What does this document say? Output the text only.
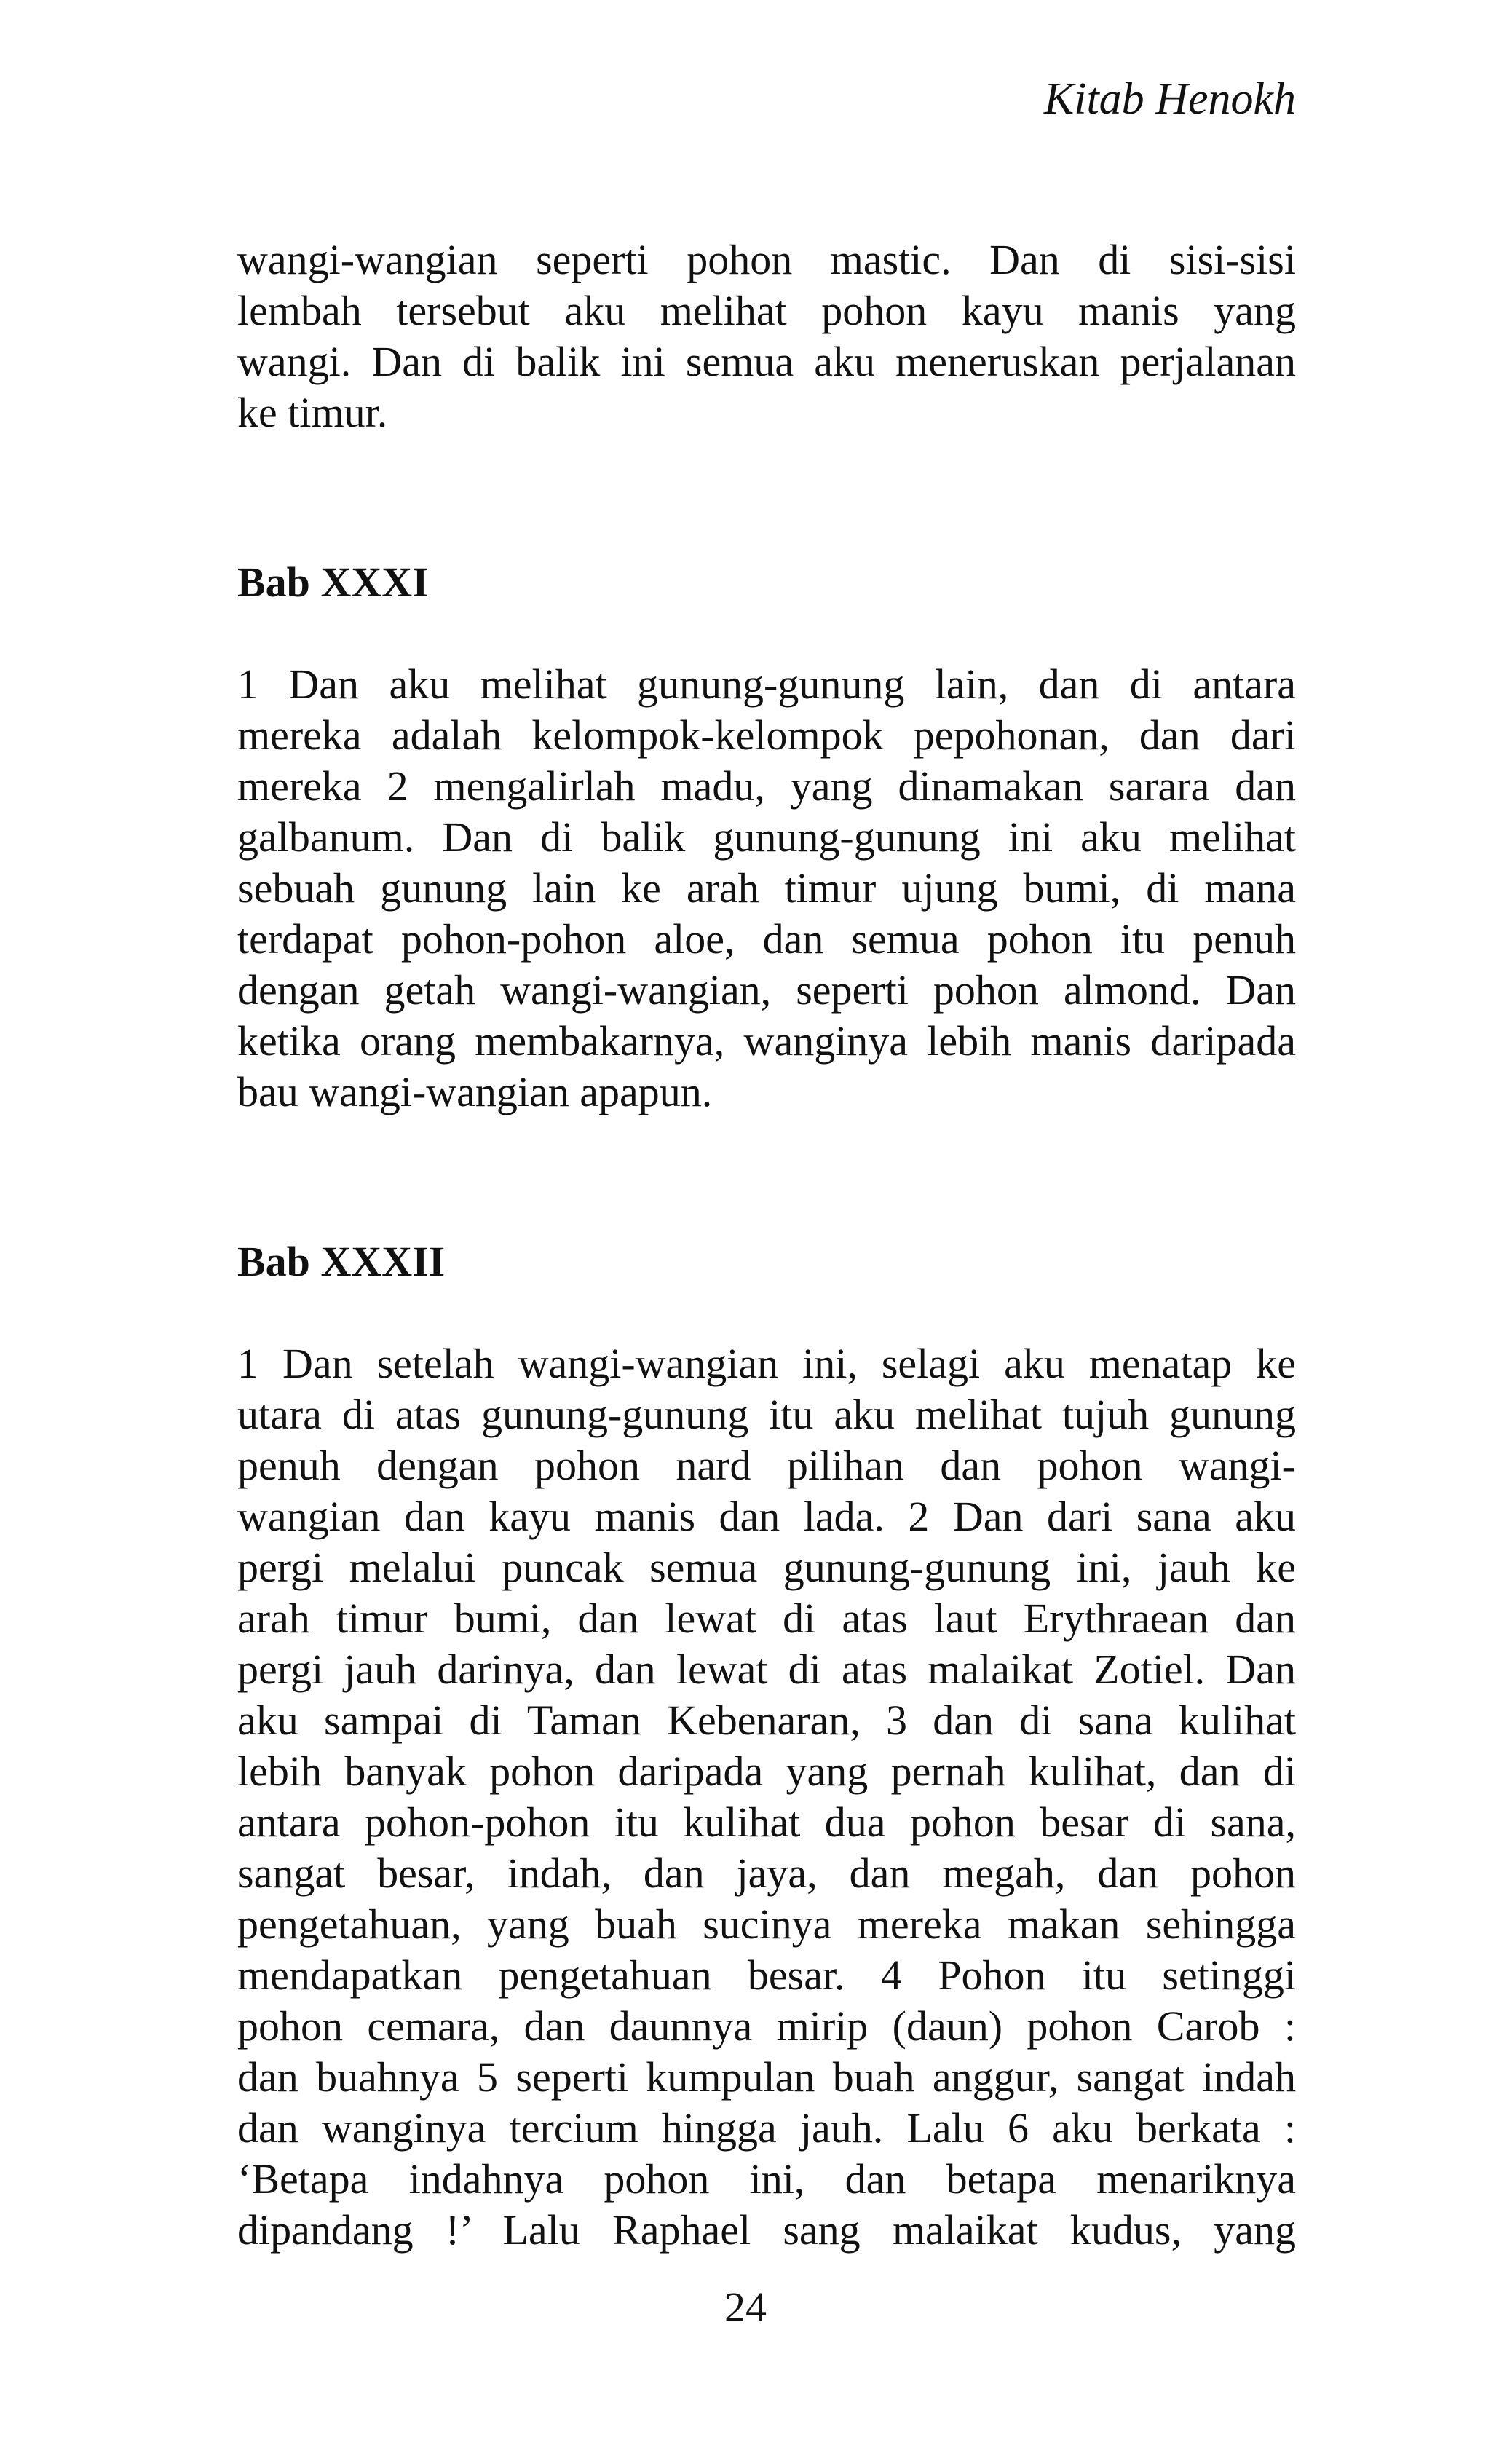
Kitab Henokh
wangi-wangian seperti pohon mastic. Dan di sisi-sisi
lembah tersebut aku melihat pohon kayu manis yang
wangi. Dan di balik ini semua aku meneruskan perjalanan
ke timur.
Bab XXXI
1 Dan aku melihat gunung-gunung lain, dan di antara
mereka adalah kelompok-kelompok pepohonan, dan dari
mereka 2 mengalirlah madu, yang dinamakan sarara dan
galbanum. Dan di balik gunung-gunung ini aku melihat
sebuah gunung lain ke arah timur ujung bumi, di mana
terdapat pohon-pohon aloe, dan semua pohon itu penuh
dengan getah wangi-wangian, seperti pohon almond. Dan
ketika orang membakarnya, wanginya lebih manis daripada
bau wangi-wangian apapun.
Bab XXXII
1 Dan setelah wangi-wangian ini, selagi aku menatap ke
utara di atas gunung-gunung itu aku melihat tujuh gunung
penuh dengan pohon nard pilihan dan pohon wangi-
wangian dan kayu manis dan lada. 2 Dan dari sana aku
pergi melalui puncak semua gunung-gunung ini, jauh ke
arah timur bumi, dan lewat di atas laut Erythraean dan
pergi jauh darinya, dan lewat di atas malaikat Zotiel. Dan
aku sampai di Taman Kebenaran, 3 dan di sana kulihat
lebih banyak pohon daripada yang pernah kulihat, dan di
antara pohon-pohon itu kulihat dua pohon besar di sana,
sangat besar, indah, dan jaya, dan megah, dan pohon
pengetahuan, yang buah sucinya mereka makan sehingga
mendapatkan pengetahuan besar. 4 Pohon itu setinggi
pohon cemara, dan daunnya mirip (daun) pohon Carob :
dan buahnya 5 seperti kumpulan buah anggur, sangat indah
dan wanginya tercium hingga jauh. Lalu 6 aku berkata :
‘Betapa indahnya pohon ini, dan betapa menariknya
dipandang !’ Lalu Raphael sang malaikat kudus, yang
24
